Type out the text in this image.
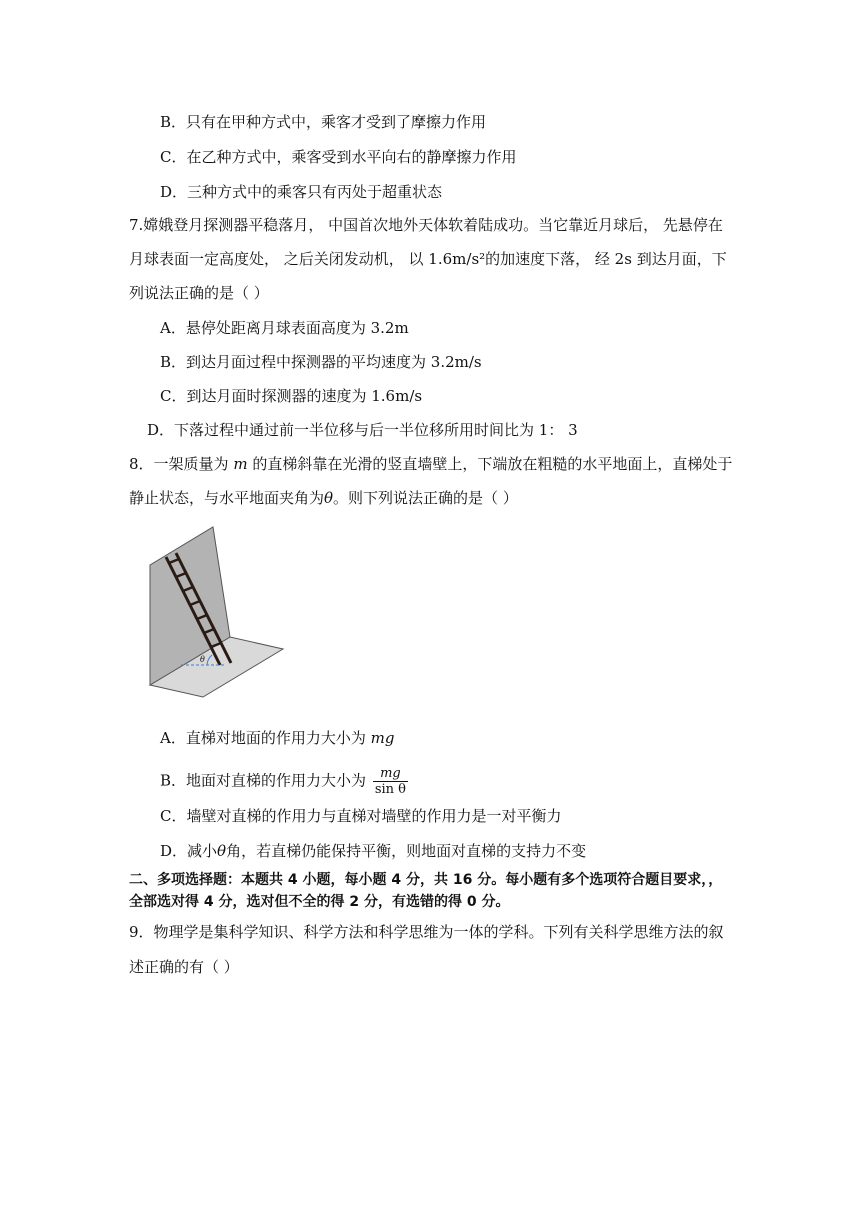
B．只有在甲种方式中，乘客才受到了摩擦力作用
C．在乙种方式中，乘客受到水平向右的静摩擦力作用
D．三种方式中的乘客只有丙处于超重状态
7.嫦娥登月探测器平稳落月， 中国首次地外天体软着陆成功。当它靠近月球后， 先悬停在
月球表面一定高度处， 之后关闭发动机， 以 1.6m/s²的加速度下落， 经 2s 到达月面，下
列说法正确的是（ ）
A．悬停处距离月球表面高度为 3.2m
B．到达月面过程中探测器的平均速度为 3.2m/s
C．到达月面时探测器的速度为 1.6m/s
D．下落过程中通过前一半位移与后一半位移所用时间比为 1： 3
8．一架质量为 m 的直梯斜靠在光滑的竖直墙壁上，下端放在粗糙的水平地面上，直梯处于
静止状态，与水平地面夹角为θ。则下列说法正确的是（ ）
θ
A．直梯对地面的作用力大小为 mg
B．地面对直梯的作用力大小为 $\frac{mg}{\text{sin θ}}$
C．墙壁对直梯的作用力与直梯对墙壁的作用力是一对平衡力
D．减小θ角，若直梯仍能保持平衡，则地面对直梯的支持力不变
二、多项选择题：本题共 4 小题，每小题 4 分，共 16 分。每小题有多个选项符合题目要求，，
全部选对得 4 分，选对但不全的得 2 分，有选错的得 0 分。
9．物理学是集科学知识、科学方法和科学思维为一体的学科。下列有关科学思维方法的叙
述正确的有（ ）
